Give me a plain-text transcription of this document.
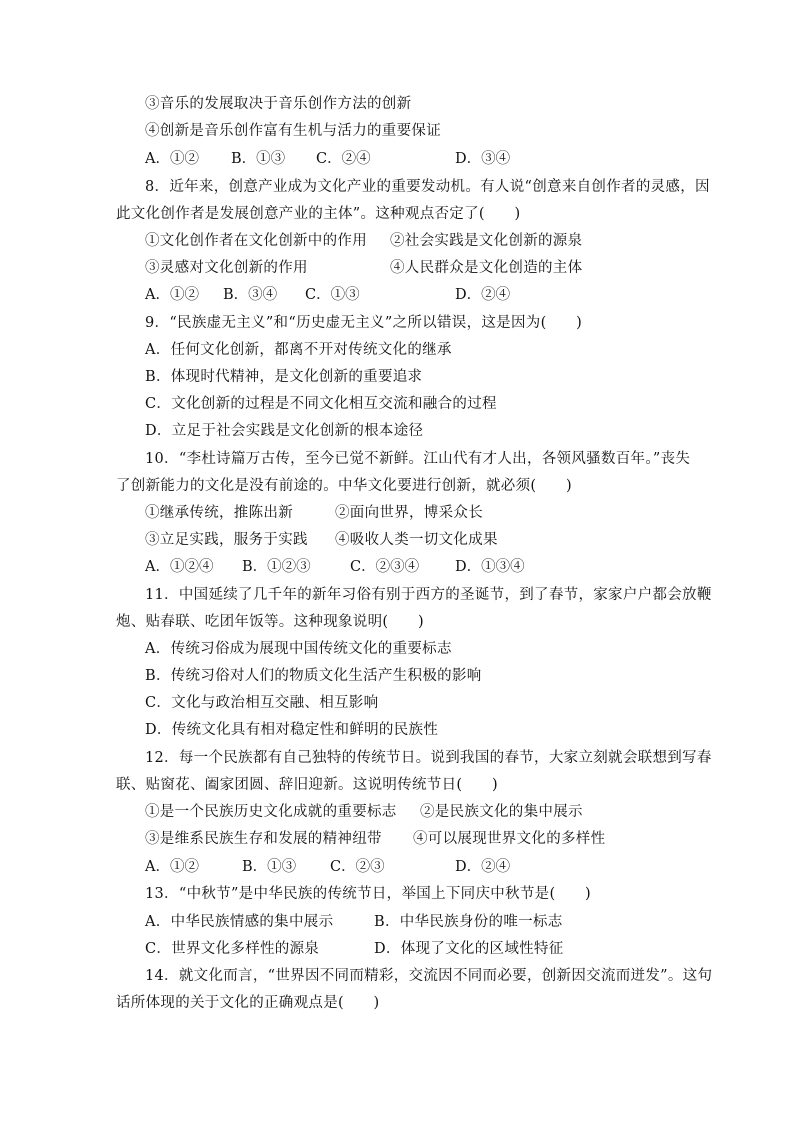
③音乐的发展取决于音乐创作方法的创新
④创新是音乐创作富有生机与活力的重要保证
A．①② B．①③ C．②④	D．③④
8．近年来，创意产业成为文化产业的重要发动机。有人说“创意来自创作者的灵感，因
此文化创作者是发展创意产业的主体”。这种观点否定了(　　)
①文化创作者在文化创新中的作用	②社会实践是文化创新的源泉
③灵感对文化创新的作用	④人民群众是文化创造的主体
A．①② B．③④ C．①③	D．②④
9．“民族虚无主义”和“历史虚无主义”之所以错误，这是因为(　　)
A．任何文化创新，都离不开对传统文化的继承
B．体现时代精神，是文化创新的重要追求
C．文化创新的过程是不同文化相互交流和融合的过程
D．立足于社会实践是文化创新的根本途径
10．“李杜诗篇万古传，至今已觉不新鲜。江山代有才人出，各领风骚数百年。”丧失
了创新能力的文化是没有前途的。中华文化要进行创新，就必须(　　)
①继承传统，推陈出新	②面向世界，博采众长
③立足实践，服务于实践	④吸收人类一切文化成果
A．①②④ B．①②③	C．②③④ D．①③④
11．中国延续了几千年的新年习俗有别于西方的圣诞节，到了春节，家家户户都会放鞭
炮、贴春联、吃团年饭等。这种现象说明(　　)
A．传统习俗成为展现中国传统文化的重要标志
B．传统习俗对人们的物质文化生活产生积极的影响
C．文化与政治相互交融、相互影响
D．传统文化具有相对稳定性和鲜明的民族性
12．每一个民族都有自己独特的传统节日。说到我国的春节，大家立刻就会联想到写春
联、贴窗花、阖家团圆、辞旧迎新。这说明传统节日(　　)
①是一个民族历史文化成就的重要标志	②是民族文化的集中展示
③是维系民族生存和发展的精神纽带	④可以展现世界文化的多样性
A．①②	B．①③ C．②③	D．②④
13．“中秋节”是中华民族的传统节日，举国上下同庆中秋节是(　　)
A．中华民族情感的集中展示	B．中华民族身份的唯一标志
C．世界文化多样性的源泉	D．体现了文化的区域性特征
14．就文化而言，“世界因不同而精彩，交流因不同而必要，创新因交流而迸发”。这句
话所体现的关于文化的正确观点是(　　)
